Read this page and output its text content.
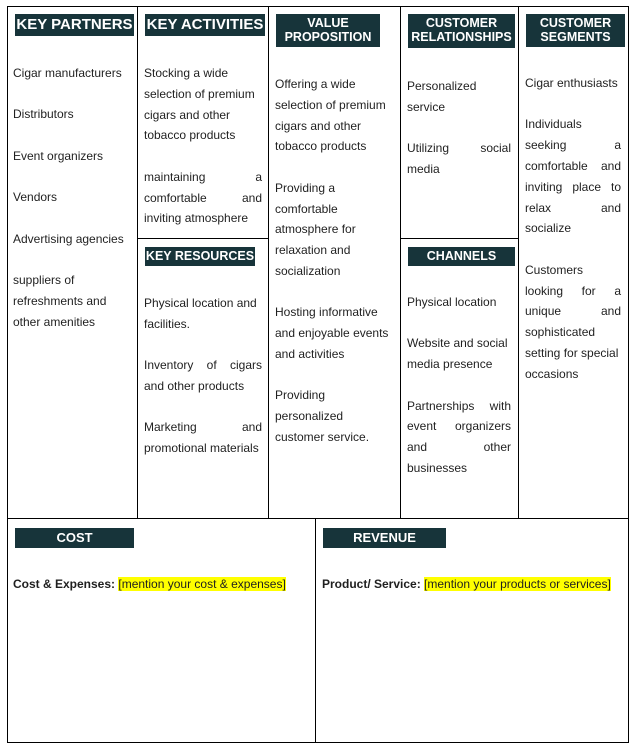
KEY PARTNERS

Cigar manufacturers

Distributors

Event organizers

Vendors

Advertising agencies

suppliers of
refreshments and
other amenities

KEY ACTIVITIES

Stocking a wide
selection of premium
cigars and other
tobacco products

maintaining a
comfortable and
inviting atmosphere

KEY RESOURCES

Physical location and
facilities.

Inventory of cigars
and other products

Marketing and
promotional materials

VALUE
PROPOSITION

Offering a wide
selection of premium
cigars and other
tobacco products

Providing a
comfortable
atmosphere for
relaxation and
socialization

Hosting informative
and enjoyable events
and activities

Providing
personalized
customer service.

CUSTOMER
RELATIONSHIPS

Personalized
service

Utilizing social
media

CHANNELS

Physical location

Website and social
media presence

Partnerships with
event organizers
and other
businesses

CUSTOMER
SEGMENTS

Cigar enthusiasts

Individuals
seeking a
comfortable and
inviting place to
relax and
socialize

Customers
looking for a
unique and
sophisticated
setting for special
occasions

COST STRUCTURE

Cost & Expenses: [mention your cost & expenses]

REVENUE

Product/ Service: [mention your products or services]
